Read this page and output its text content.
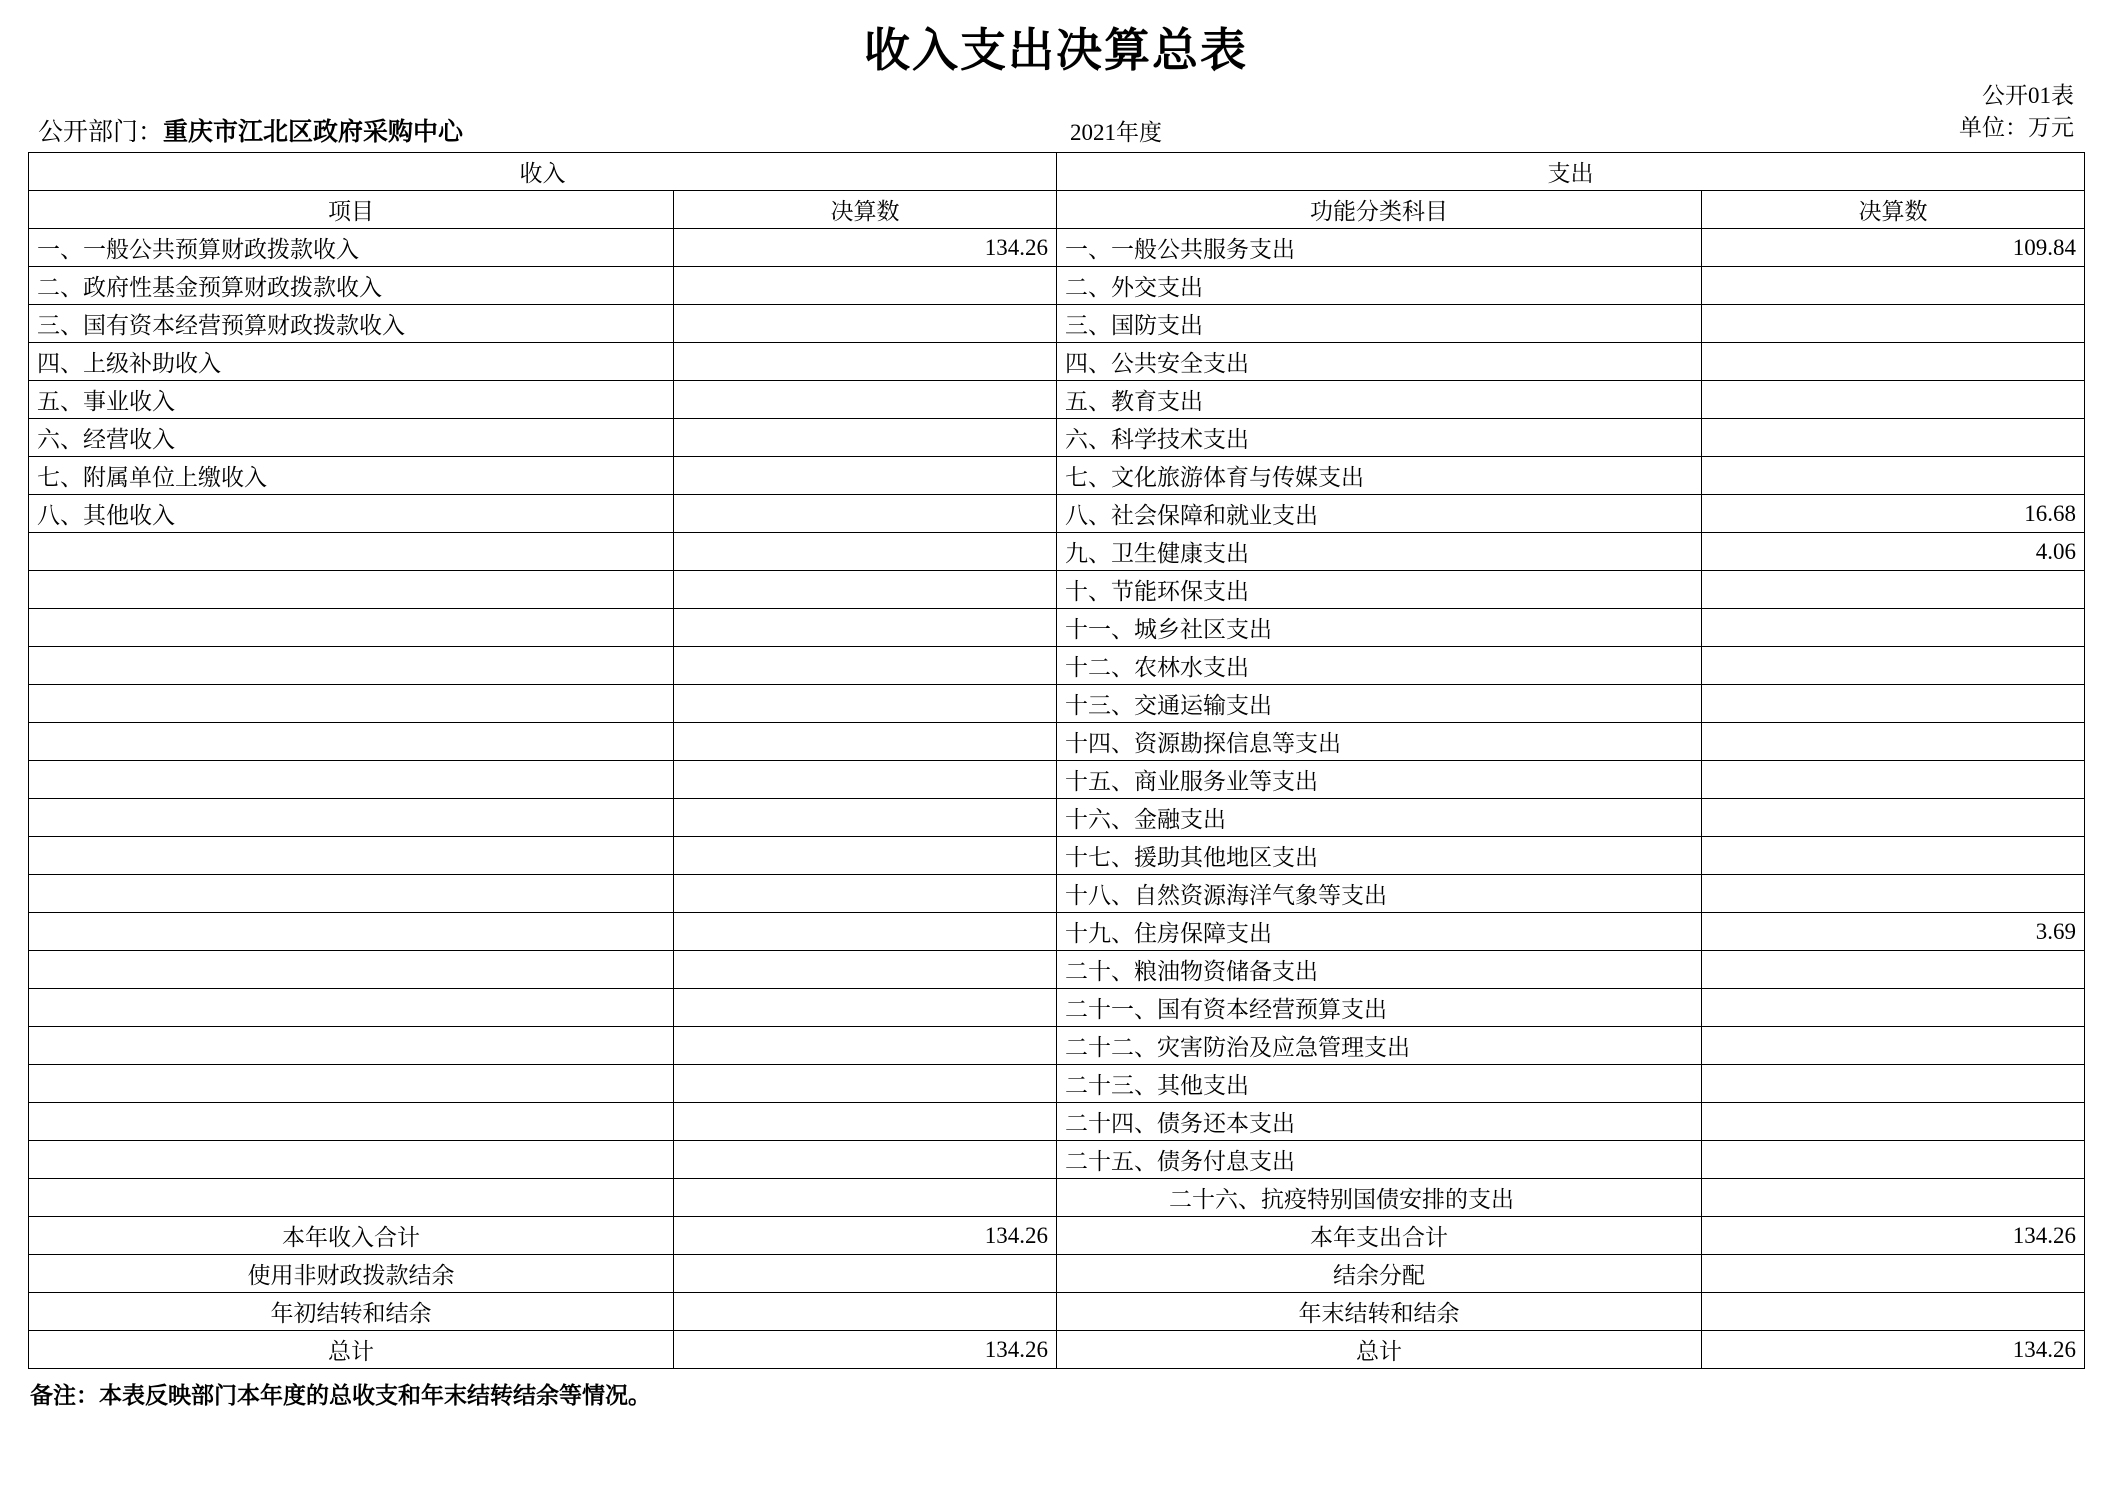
收入支出决算总表
公开01表
单位：万元
公开部门：重庆市江北区政府采购中心	2021年度
收入		支出	
项目	决算数	功能分类科目	决算数
一、一般公共预算财政拨款收入	134.26	一、一般公共服务支出	109.84
二、政府性基金预算财政拨款收入		二、外交支出	
三、国有资本经营预算财政拨款收入		三、国防支出	
四、上级补助收入		四、公共安全支出	
五、事业收入		五、教育支出	
六、经营收入		六、科学技术支出	
七、附属单位上缴收入		七、文化旅游体育与传媒支出	
八、其他收入		八、社会保障和就业支出	16.68
		九、卫生健康支出	4.06
		十、节能环保支出	
		十一、城乡社区支出	
		十二、农林水支出	
		十三、交通运输支出	
		十四、资源勘探信息等支出	
		十五、商业服务业等支出	
		十六、金融支出	
		十七、援助其他地区支出	
		十八、自然资源海洋气象等支出	
		十九、住房保障支出	3.69
		二十、粮油物资储备支出	
		二十一、国有资本经营预算支出	
		二十二、灾害防治及应急管理支出	
		二十三、其他支出	
		二十四、债务还本支出	
		二十五、债务付息支出	
		二十六、抗疫特别国债安排的支出	
本年收入合计	134.26	本年支出合计	134.26
使用非财政拨款结余		结余分配	
年初结转和结余		年末结转和结余	
总计	134.26	总计	134.26
备注：本表反映部门本年度的总收支和年末结转结余等情况。
